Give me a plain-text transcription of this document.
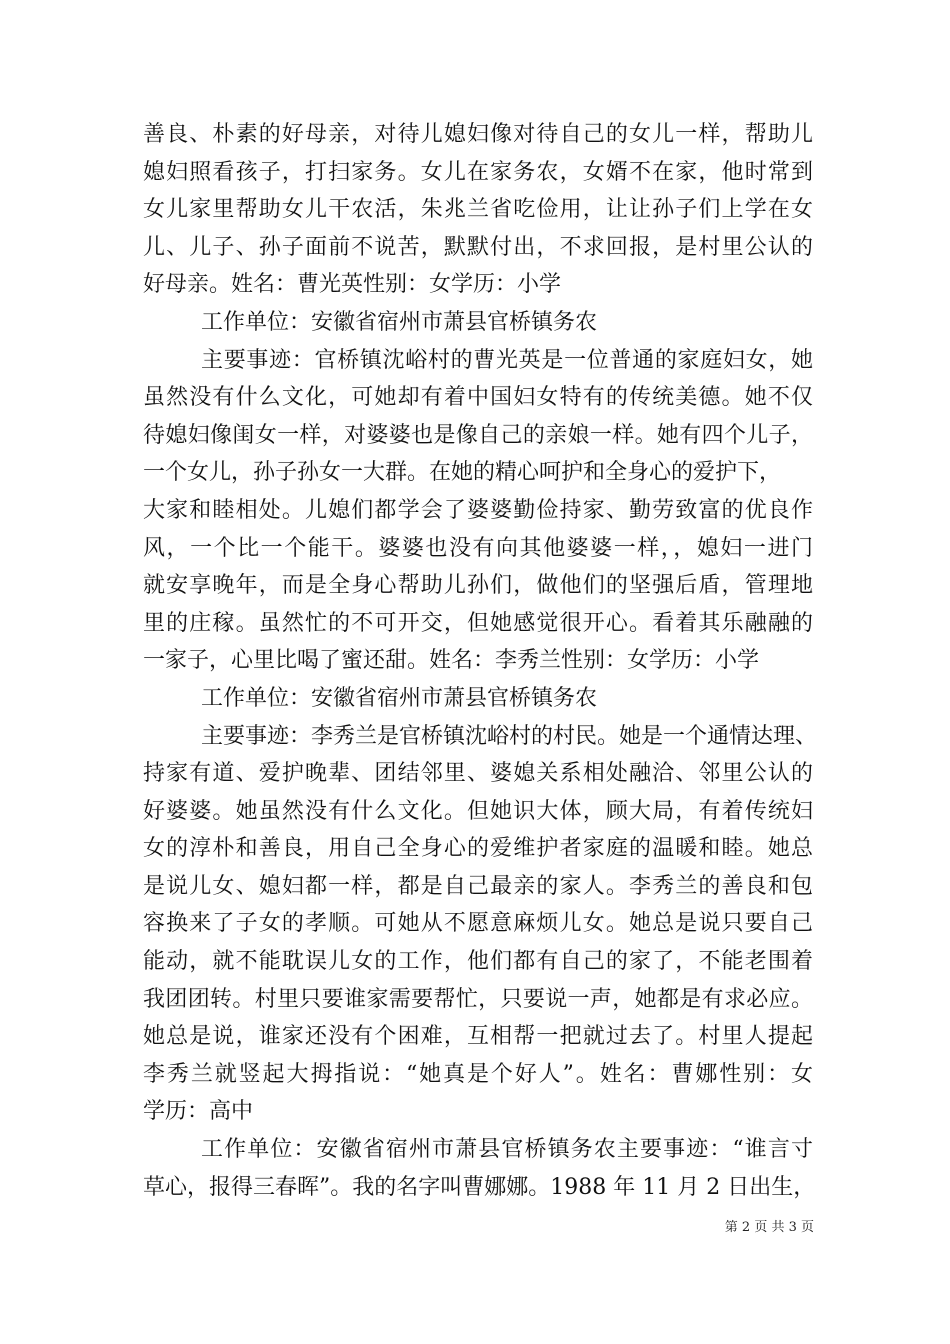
善良、朴素的好母亲，对待儿媳妇像对待自己的女儿一样，帮助儿
媳妇照看孩子，打扫家务。女儿在家务农，女婿不在家，他时常到
女儿家里帮助女儿干农活，朱兆兰省吃俭用，让让孙子们上学在女
儿、儿子、孙子面前不说苦，默默付出，不求回报，是村里公认的
好母亲。姓名：曹光英性别：女学历：小学
工作单位：安徽省宿州市萧县官桥镇务农
主要事迹：官桥镇沈峪村的曹光英是一位普通的家庭妇女，她
虽然没有什么文化，可她却有着中国妇女特有的传统美德。她不仅
待媳妇像闺女一样，对婆婆也是像自己的亲娘一样。她有四个儿子，
一个女儿，孙子孙女一大群。在她的精心呵护和全身心的爱护下，
大家和睦相处。儿媳们都学会了婆婆勤俭持家、勤劳致富的优良作
风，一个比一个能干。婆婆也没有向其他婆婆一样，，媳妇一进门
就安享晚年，而是全身心帮助儿孙们，做他们的坚强后盾，管理地
里的庄稼。虽然忙的不可开交，但她感觉很开心。看着其乐融融的
一家子，心里比喝了蜜还甜。姓名：李秀兰性别：女学历：小学
工作单位：安徽省宿州市萧县官桥镇务农
主要事迹：李秀兰是官桥镇沈峪村的村民。她是一个通情达理、
持家有道、爱护晚辈、团结邻里、婆媳关系相处融洽、邻里公认的
好婆婆。她虽然没有什么文化。但她识大体，顾大局，有着传统妇
女的淳朴和善良，用自己全身心的爱维护者家庭的温暖和睦。她总
是说儿女、媳妇都一样，都是自己最亲的家人。李秀兰的善良和包
容换来了子女的孝顺。可她从不愿意麻烦儿女。她总是说只要自己
能动，就不能耽误儿女的工作，他们都有自己的家了，不能老围着
我团团转。村里只要谁家需要帮忙，只要说一声，她都是有求必应。
她总是说，谁家还没有个困难，互相帮一把就过去了。村里人提起
李秀兰就竖起大拇指说：“她真是个好人”。姓名：曹娜性别：女
学历：高中
工作单位：安徽省宿州市萧县官桥镇务农主要事迹：“谁言寸
草心，报得三春晖”。我的名字叫曹娜娜。1988 年 11 月 2 日出生，
第 2 页 共 3 页
